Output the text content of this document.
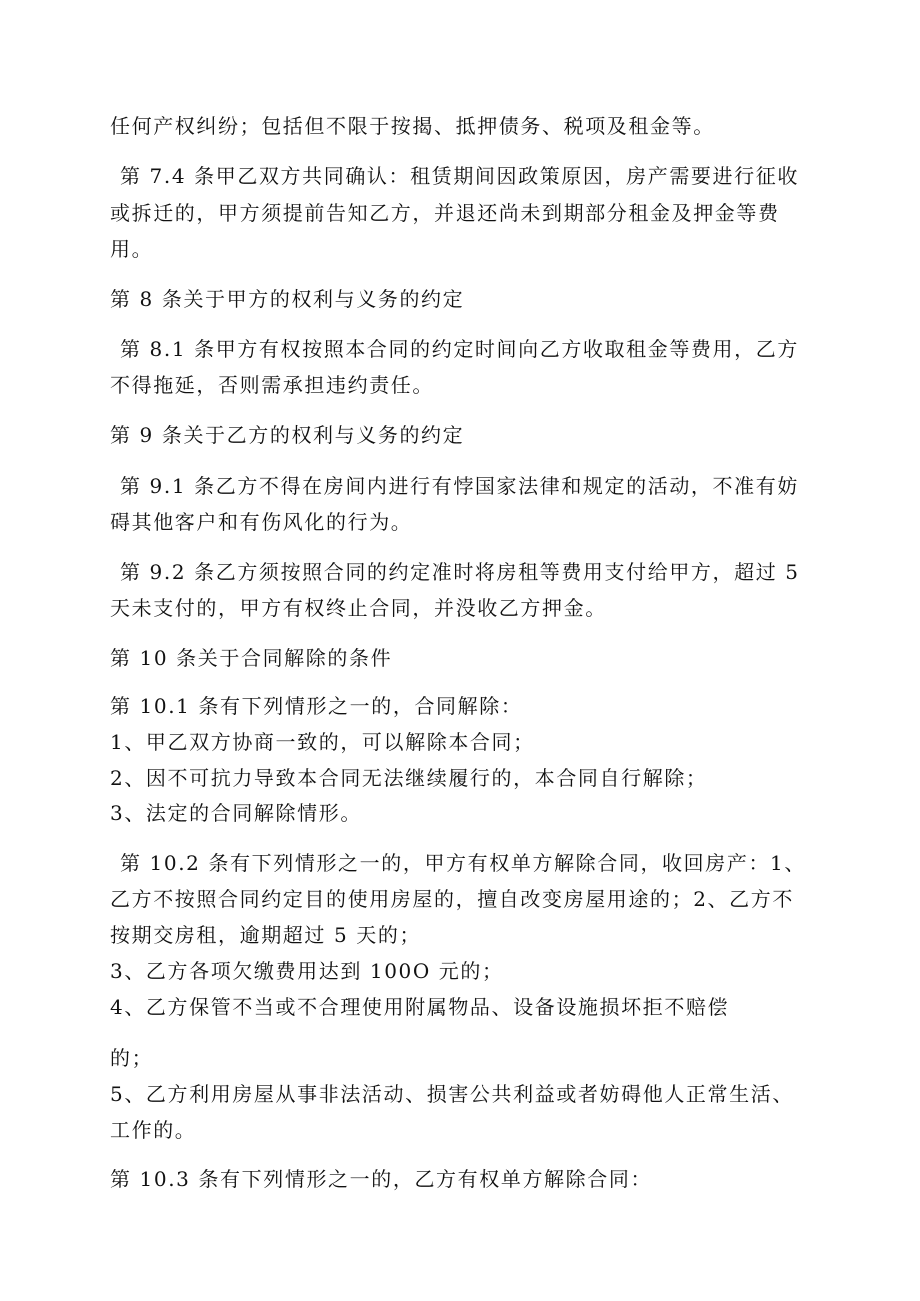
任何产权纠纷；包括但不限于按揭、抵押债务、税项及租金等。
第 7.4 条甲乙双方共同确认：租赁期间因政策原因，房产需要进行征收
或拆迁的，甲方须提前告知乙方，并退还尚未到期部分租金及押金等费
用。
第 8 条关于甲方的权利与义务的约定
第 8.1 条甲方有权按照本合同的约定时间向乙方收取租金等费用，乙方
不得拖延，否则需承担违约责任。
第 9 条关于乙方的权利与义务的约定
第 9.1 条乙方不得在房间内进行有悖国家法律和规定的活动，不准有妨
碍其他客户和有伤风化的行为。
第 9.2 条乙方须按照合同的约定准时将房租等费用支付给甲方，超过 5
天未支付的，甲方有权终止合同，并没收乙方押金。
第 10 条关于合同解除的条件
第 10.1 条有下列情形之一的，合同解除：
1、甲乙双方协商一致的，可以解除本合同；
2、因不可抗力导致本合同无法继续履行的，本合同自行解除；
3、法定的合同解除情形。
第 10.2 条有下列情形之一的，甲方有权单方解除合同，收回房产：1、
乙方不按照合同约定目的使用房屋的，擅自改变房屋用途的；2、乙方不
按期交房租，逾期超过 5 天的；
3、乙方各项欠缴费用达到 100O 元的；
4、乙方保管不当或不合理使用附属物品、设备设施损坏拒不赔偿
的；
5、乙方利用房屋从事非法活动、损害公共利益或者妨碍他人正常生活、
工作的。
第 10.3 条有下列情形之一的，乙方有权单方解除合同：
